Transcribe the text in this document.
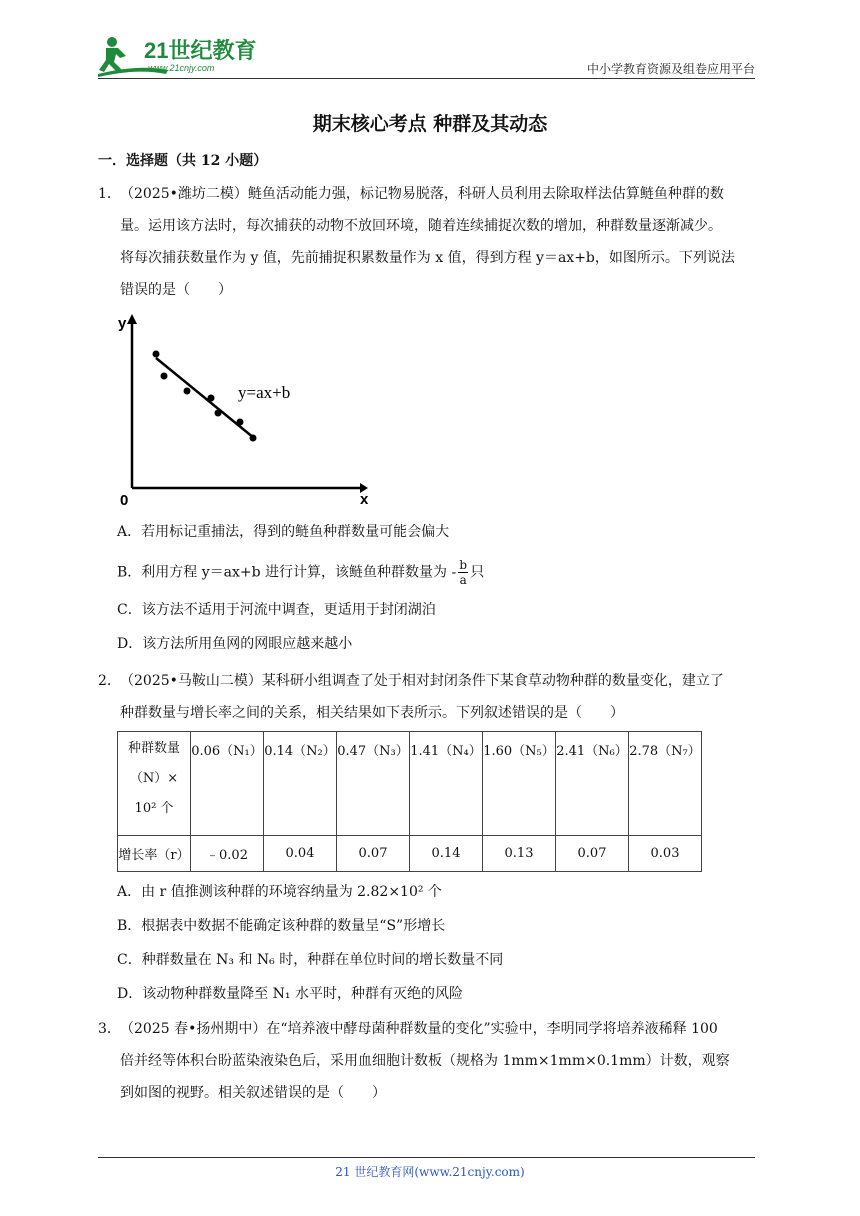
21世纪教育
www.21cnjy.com	中小学教育资源及组卷应用平台
期末核心考点 种群及其动态
一．选择题（共 12 小题）
1． （2025•潍坊二模）鲢鱼活动能力强，标记物易脱落，科研人员利用去除取样法估算鲢鱼种群的数
量。运用该方法时，每次捕获的动物不放回环境，随着连续捕捉次数的增加，种群数量逐渐减少。
将每次捕获数量作为 y 值，先前捕捉积累数量作为 x 值，得到方程 y＝ax+b，如图所示。下列说法
错误的是（　　）
y
x
0
y=ax+b
A．若用标记重捕法，得到的鲢鱼种群数量可能会偏大
B．利用方程 y＝ax+b 进行计算，该鲢鱼种群数量为 - $\frac{b}{a}$ 只
C．该方法不适用于河流中调查，更适用于封闭湖泊
D．该方法所用鱼网的网眼应越来越小
2． （2025•马鞍山二模）某科研小组调查了处于相对封闭条件下某食草动物种群的数量变化，建立了
种群数量与增长率之间的关系，相关结果如下表所示。下列叙述错误的是（　　）
种群数量
（N）×
10² 个	0.06（N₁）	0.14（N₂）	0.47（N₃）	1.41（N₄）	1.60（N₅）	2.41（N₆）	2.78（N₇）
增长率（r）	﹣0.02	0.04	0.07	0.14	0.13	0.07	0.03
A．由 r 值推测该种群的环境容纳量为 2.82×10² 个
B．根据表中数据不能确定该种群的数量呈“S”形增长
C．种群数量在 N₃ 和 N₆ 时，种群在单位时间的增长数量不同
D．该动物种群数量降至 N₁ 水平时，种群有灭绝的风险
3． （2025 春•扬州期中）在“培养液中酵母菌种群数量的变化”实验中，李明同学将培养液稀释 100
倍并经等体积台盼蓝染液染色后，采用血细胞计数板（规格为 1mm×1mm×0.1mm）计数，观察
到如图的视野。相关叙述错误的是（　　）
21 世纪教育网(www.21cnjy.com)
